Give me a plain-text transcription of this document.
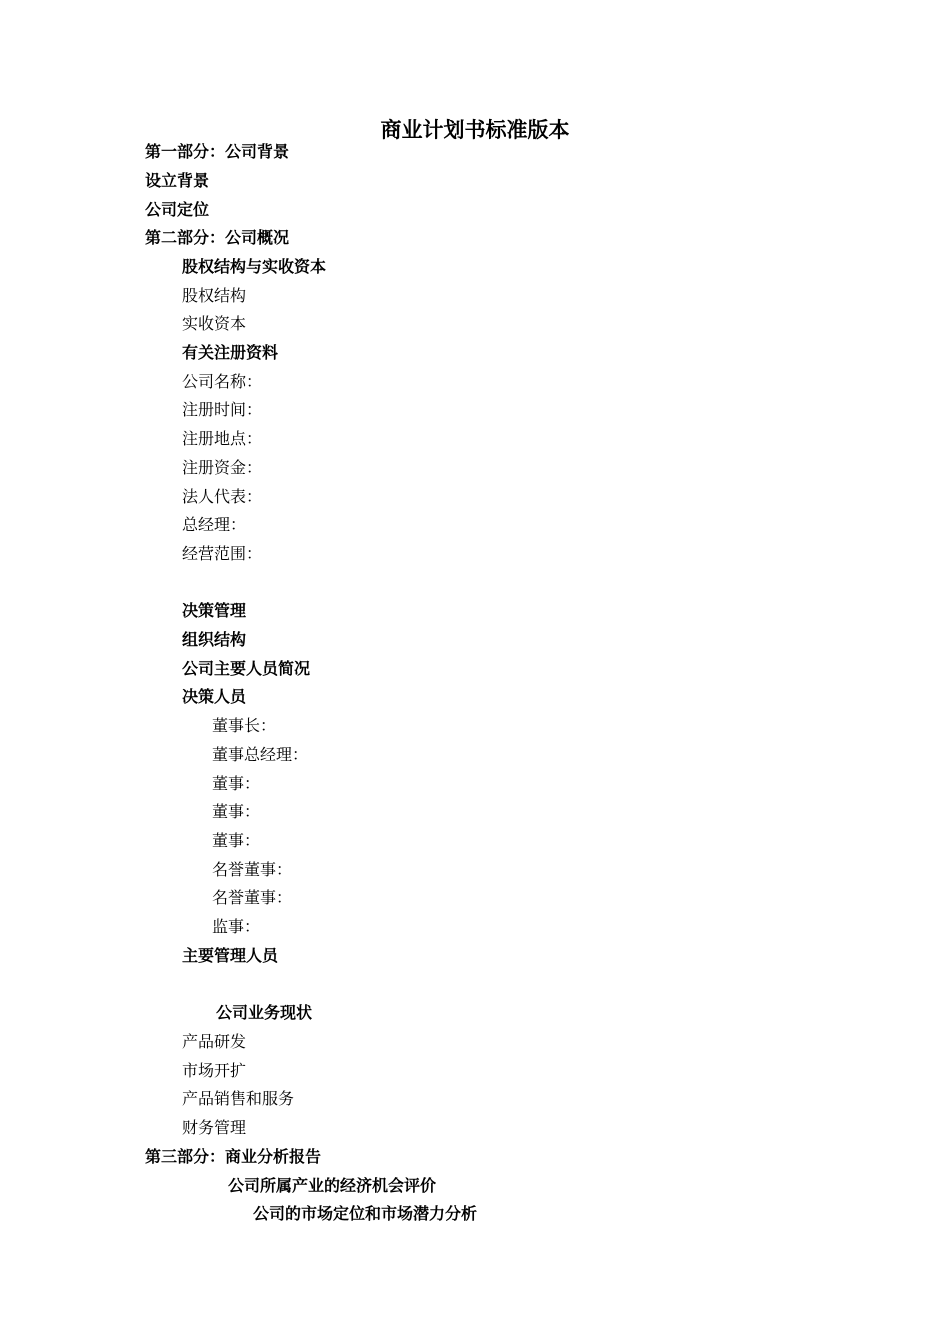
商业计划书标准版本

第一部分：公司背景

设立背景

公司定位

第二部分：公司概况

股权结构与实收资本

股权结构

实收资本

有关注册资料

公司名称：

注册时间：

注册地点：

注册资金：

法人代表：

总经理：

经营范围：

决策管理

组织结构

公司主要人员简况

决策人员

董事长：

董事总经理：

董事：

董事：

董事：

名誉董事：

名誉董事：

监事：

主要管理人员

公司业务现状

产品研发

市场开扩

产品销售和服务

财务管理

第三部分：商业分析报告

公司所属产业的经济机会评价

公司的市场定位和市场潜力分析
